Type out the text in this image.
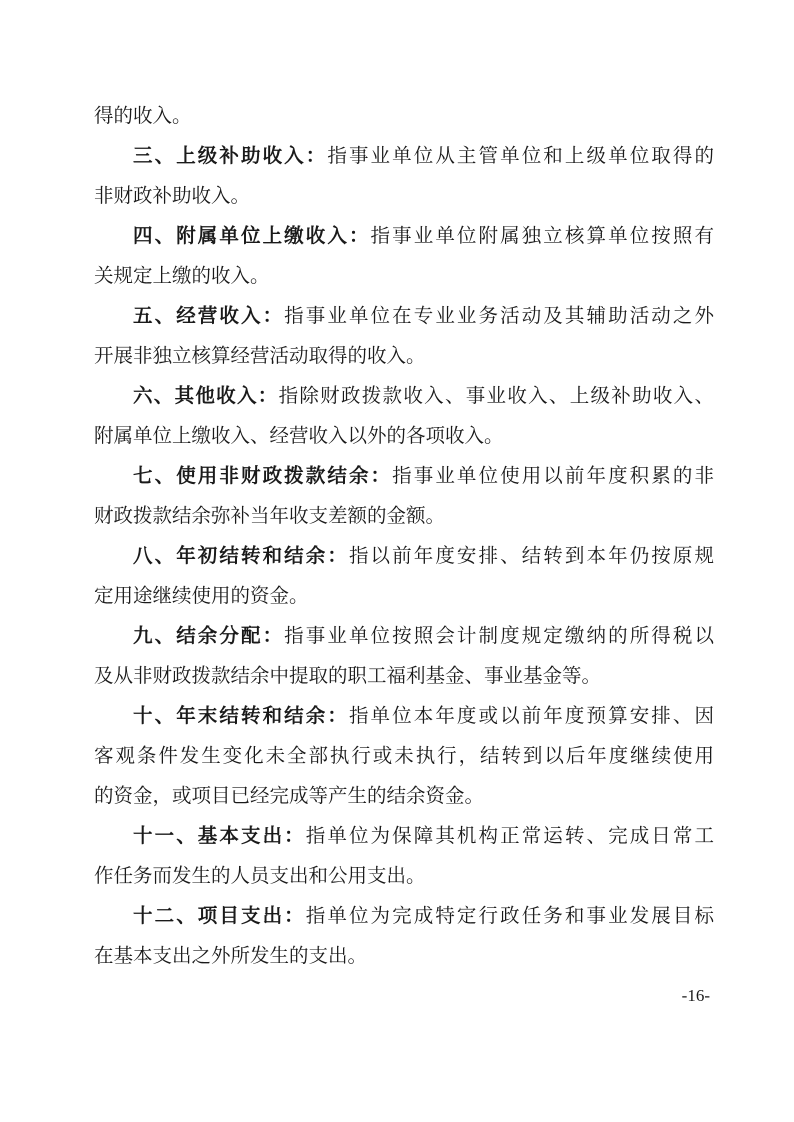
得的收入。
三、上级补助收入：指事业单位从主管单位和上级单位取得的
非财政补助收入。
四、附属单位上缴收入：指事业单位附属独立核算单位按照有
关规定上缴的收入。
五、经营收入：指事业单位在专业业务活动及其辅助活动之外
开展非独立核算经营活动取得的收入。
六、其他收入：指除财政拨款收入、事业收入、上级补助收入、
附属单位上缴收入、经营收入以外的各项收入。
七、使用非财政拨款结余：指事业单位使用以前年度积累的非
财政拨款结余弥补当年收支差额的金额。
八、年初结转和结余：指以前年度安排、结转到本年仍按原规
定用途继续使用的资金。
九、结余分配：指事业单位按照会计制度规定缴纳的所得税以
及从非财政拨款结余中提取的职工福利基金、事业基金等。
十、年末结转和结余：指单位本年度或以前年度预算安排、因
客观条件发生变化未全部执行或未执行，结转到以后年度继续使用
的资金，或项目已经完成等产生的结余资金。
十一、基本支出：指单位为保障其机构正常运转、完成日常工
作任务而发生的人员支出和公用支出。
十二、项目支出：指单位为完成特定行政任务和事业发展目标
在基本支出之外所发生的支出。
-16-
